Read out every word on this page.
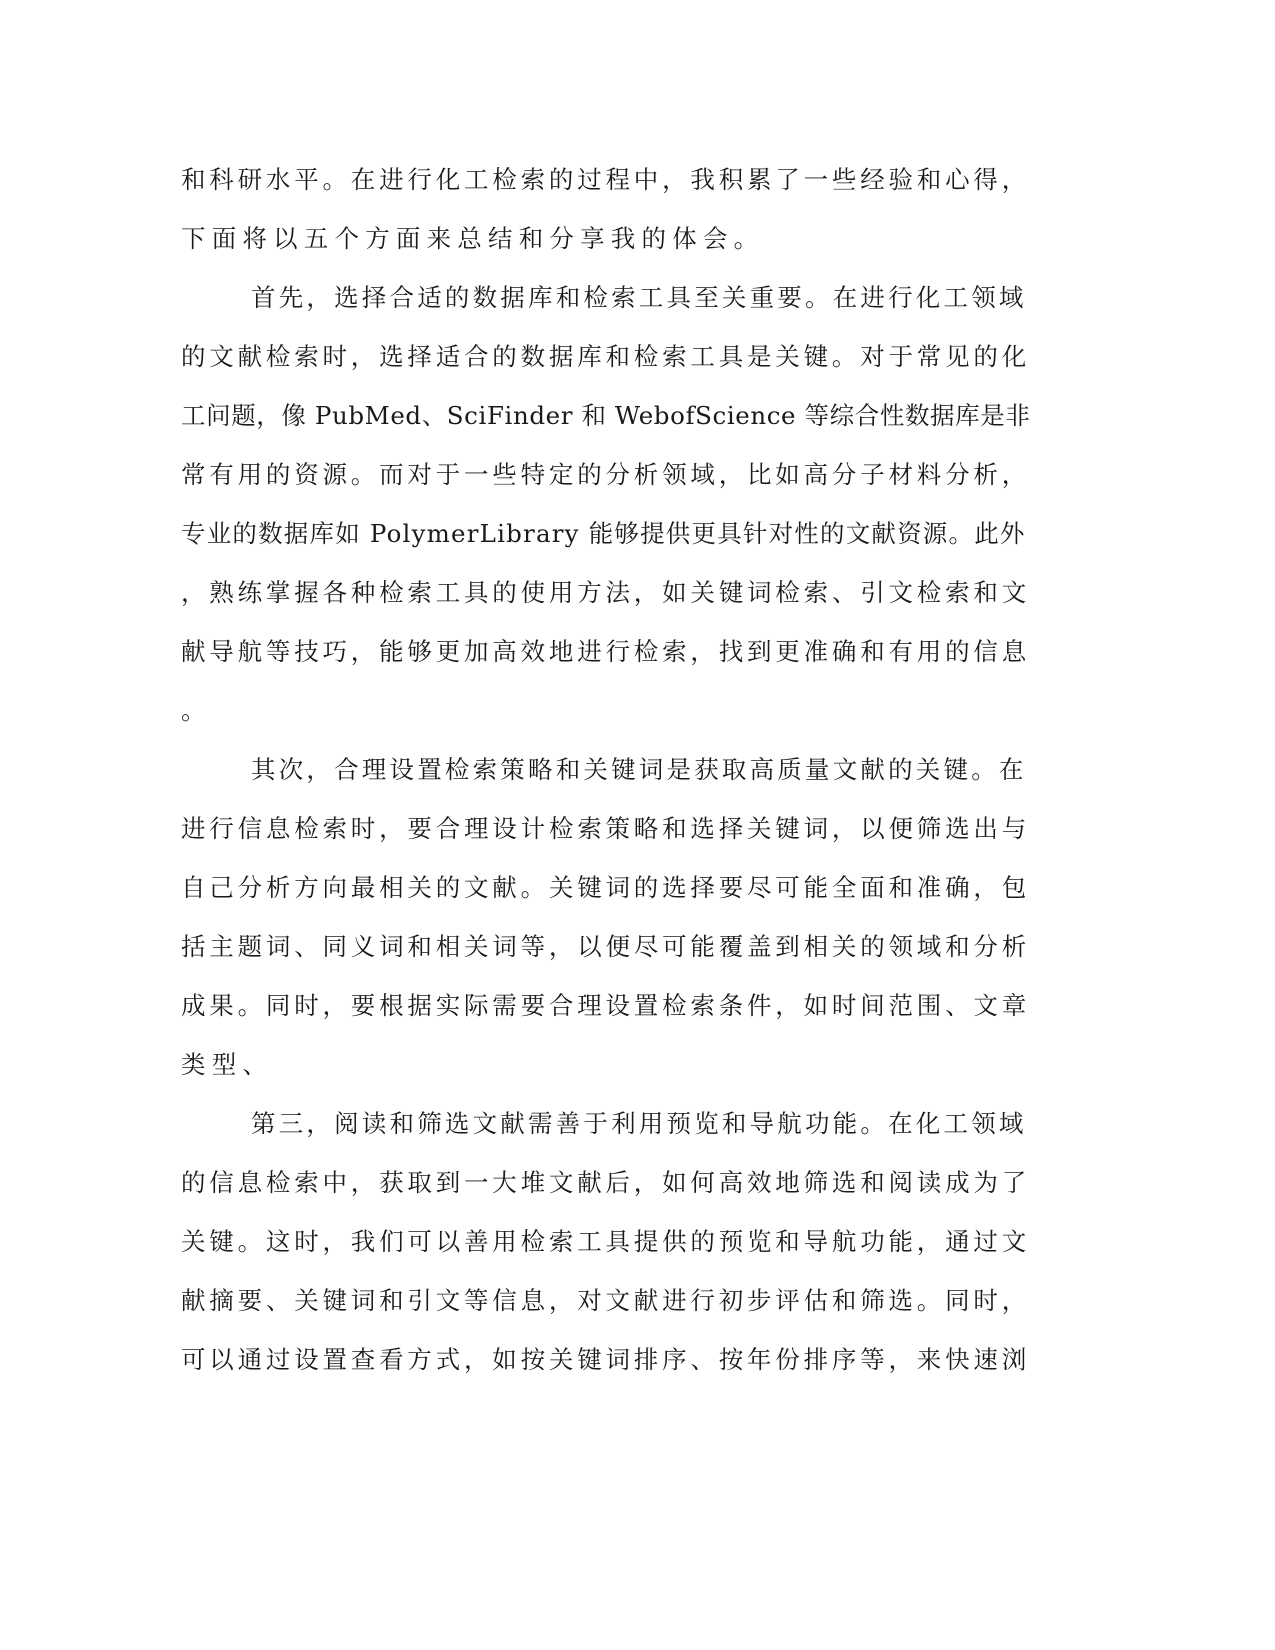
和科研水平。在进行化工检索的过程中，我积累了一些经验和心得，

下面将以五个方面来总结和分享我的体会。

首先，选择合适的数据库和检索工具至关重要。在进行化工领域

的文献检索时，选择适合的数据库和检索工具是关键。对于常见的化

工问题，像 PubMed、SciFinder 和 WebofScience 等综合性数据库是非

常有用的资源。而对于一些特定的分析领域，比如高分子材料分析，

专业的数据库如 PolymerLibrary 能够提供更具针对性的文献资源。此外

，熟练掌握各种检索工具的使用方法，如关键词检索、引文检索和文

献导航等技巧，能够更加高效地进行检索，找到更准确和有用的信息

。

其次，合理设置检索策略和关键词是获取高质量文献的关键。在

进行信息检索时，要合理设计检索策略和选择关键词，以便筛选出与

自己分析方向最相关的文献。关键词的选择要尽可能全面和准确，包

括主题词、同义词和相关词等，以便尽可能覆盖到相关的领域和分析

成果。同时，要根据实际需要合理设置检索条件，如时间范围、文章

类型、

第三，阅读和筛选文献需善于利用预览和导航功能。在化工领域

的信息检索中，获取到一大堆文献后，如何高效地筛选和阅读成为了

关键。这时，我们可以善用检索工具提供的预览和导航功能，通过文

献摘要、关键词和引文等信息，对文献进行初步评估和筛选。同时，

可以通过设置查看方式，如按关键词排序、按年份排序等，来快速浏
